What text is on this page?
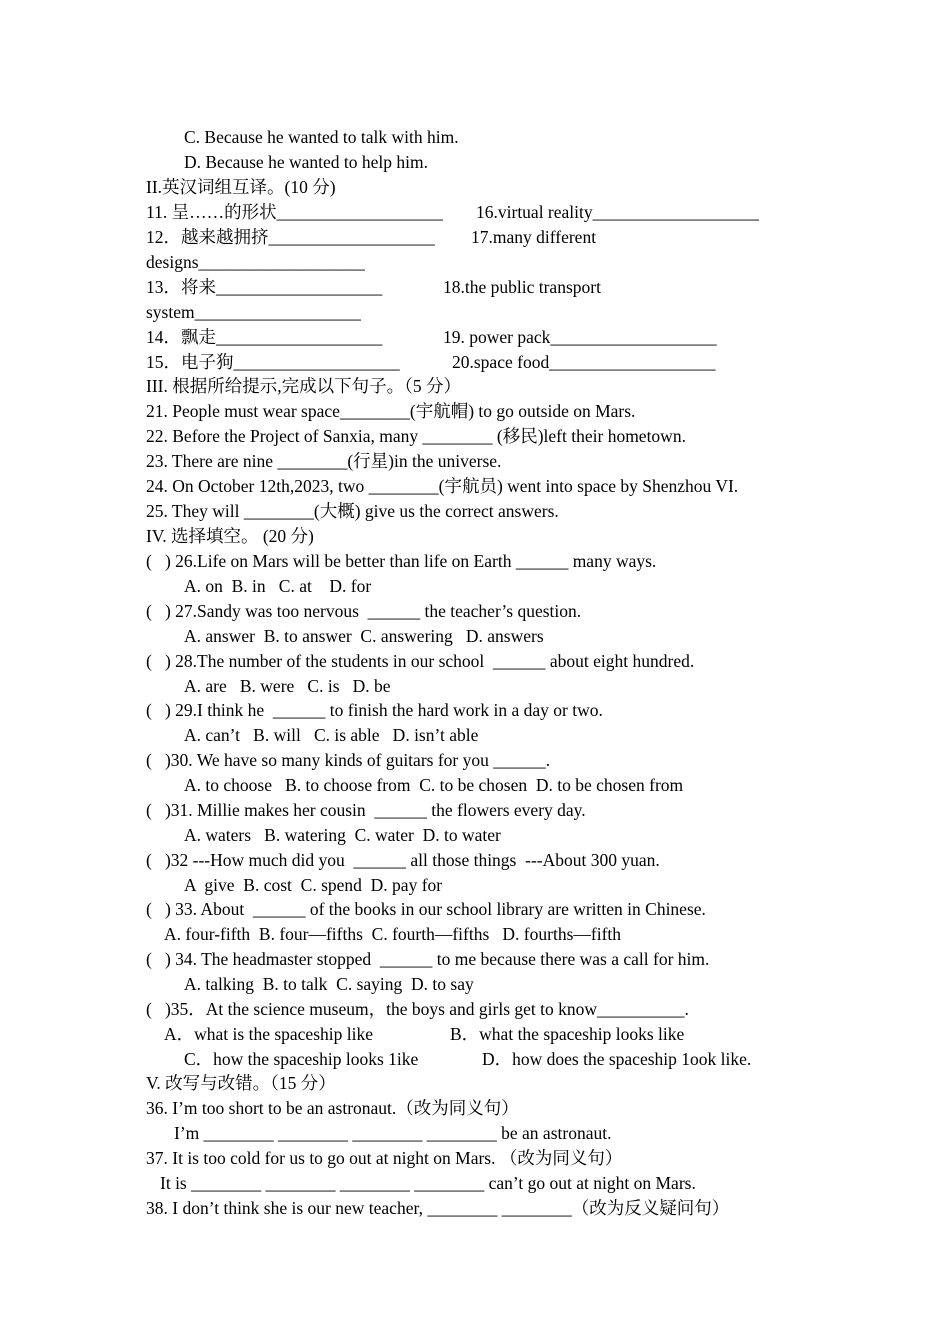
C. Because he wanted to talk with him.
D. Because he wanted to help him.
II.英汉词组互译。(10 分)
11. 呈……的形状___________________ 16.virtual reality___________________
12．越来越拥挤___________________ 17.many different
designs___________________
13．将来___________________	18.the public transport
system___________________
14．飘走___________________	19. power pack___________________
15．电子狗___________________	20.space food___________________
III. 根据所给提示,完成以下句子。（5 分）
21. People must wear space________(宇航帽) to go outside on Mars.
22. Before the Project of Sanxia, many ________ (移民)left their hometown.
23. There are nine ________(行星)in the universe.
24. On October 12th,2023, two ________(宇航员) went into space by Shenzhou VI.
25. They will ________(大概) give us the correct answers.
IV. 选择填空。 (20 分)
(   ) 26.Life on Mars will be better than life on Earth ______ many ways.
A. on  B. in   C. at    D. for
(   ) 27.Sandy was too nervous  ______ the teacher’s question.
A. answer  B. to answer  C. answering   D. answers
(   ) 28.The number of the students in our school  ______ about eight hundred.
A. are   B. were   C. is   D. be
(   ) 29.I think he  ______ to finish the hard work in a day or two.
A. can’t   B. will   C. is able   D. isn’t able
(   )30. We have so many kinds of guitars for you ______.
A. to choose   B. to choose from  C. to be chosen  D. to be chosen from
(   )31. Millie makes her cousin  ______ the flowers every day.
A. waters   B. watering  C. water  D. to water
(   )32 ---How much did you  ______ all those things  ---About 300 yuan.
A  give  B. cost  C. spend  D. pay for
(   ) 33. About  ______ of the books in our school library are written in Chinese.
A. four-fifth  B. four—fifths  C. fourth—fifths   D. fourths—fifth
(   ) 34. The headmaster stopped  ______ to me because there was a call for him.
A. talking  B. to talk  C. saying  D. to say
(   )35．At the science museum，the boys and girls get to know__________.
A．what is the spaceship like	B．what the spaceship looks like
C．how the spaceship looks 1ike	D．how does the spaceship 1ook like.
V. 改写与改错。（15 分）
36. I’m too short to be an astronaut.（改为同义句）
I’m ________ ________ ________ ________ be an astronaut.
37. It is too cold for us to go out at night on Mars. （改为同义句）
It is ________ ________ ________ ________ can’t go out at night on Mars.
38. I don’t think she is our new teacher, ________ ________（改为反义疑问句）
